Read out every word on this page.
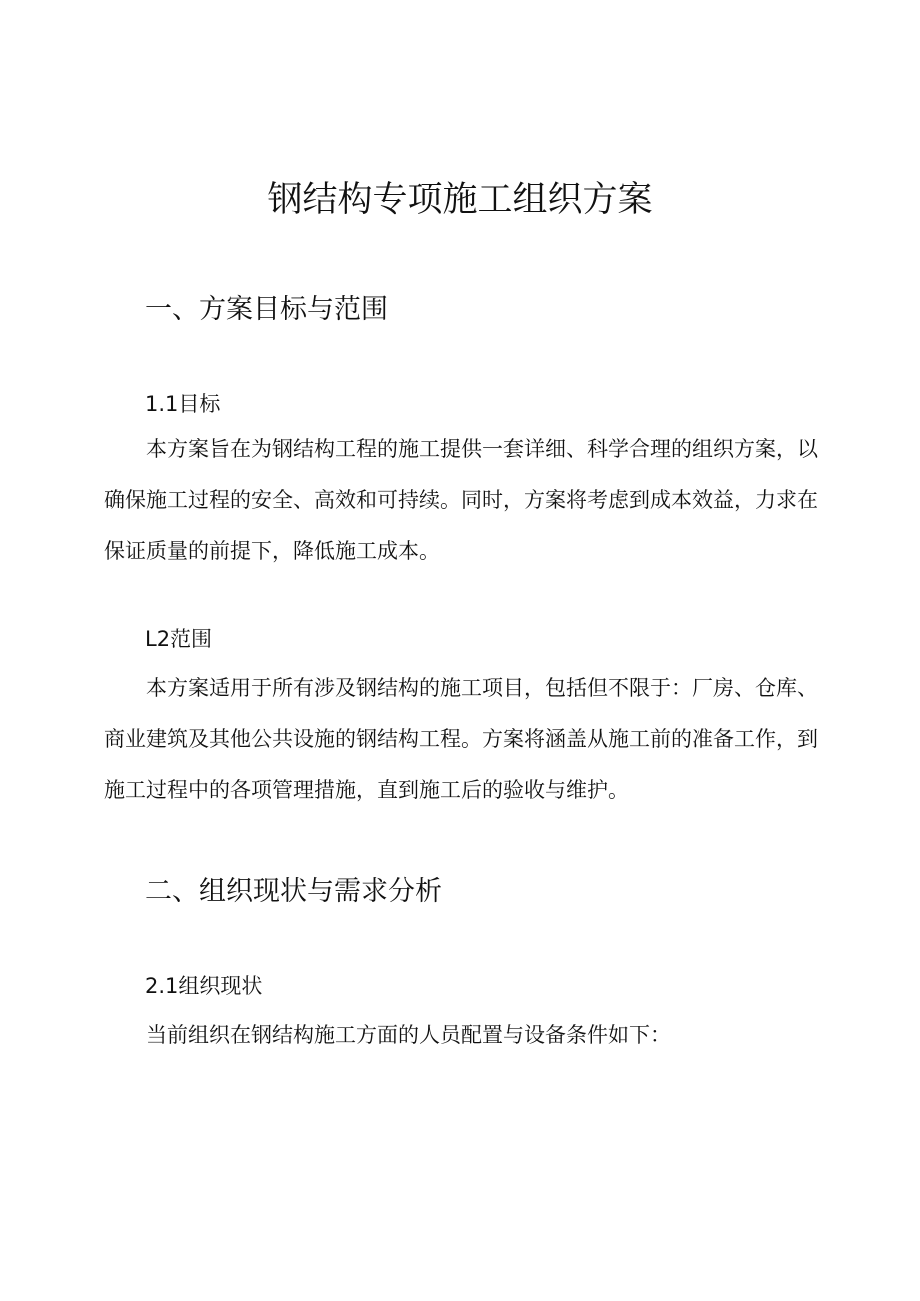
钢结构专项施工组织方案
一、方案目标与范围
1.1目标

本方案旨在为钢结构工程的施工提供一套详细、科学合理的组织方案，以确保施工过程的安全、高效和可持续。同时，方案将考虑到成本效益，力求在保证质量的前提下，降低施工成本。

L2范围

本方案适用于所有涉及钢结构的施工项目，包括但不限于：厂房、仓库、商业建筑及其他公共设施的钢结构工程。方案将涵盖从施工前的准备工作，到施工过程中的各项管理措施，直到施工后的验收与维护。

二、组织现状与需求分析
2.1组织现状

当前组织在钢结构施工方面的人员配置与设备条件如下：
